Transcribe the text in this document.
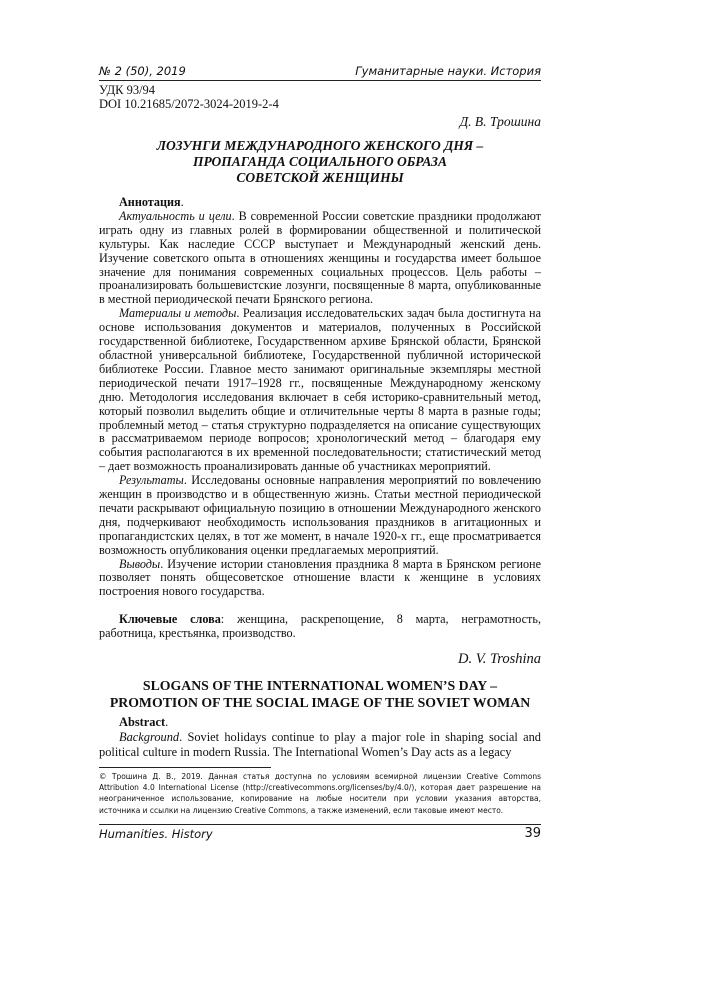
№ 2 (50), 2019	Гуманитарные науки. История
УДК 93/94
DOI 10.21685/2072-3024-2019-2-4
Д. В. Трошина
ЛОЗУНГИ МЕЖДУНАРОДНОГО ЖЕНСКОГО ДНЯ –
ПРОПАГАНДА СОЦИАЛЬНОГО ОБРАЗА
СОВЕТСКОЙ ЖЕНЩИНЫ

Аннотация.

Актуальность и цели. В современной России советские праздники продолжают играть одну из главных ролей в формировании общественной и политической культуры. Как наследие СССР выступает и Международный женский день. Изучение советского опыта в отношениях женщины и государства имеет большое значение для понимания современных социальных процессов. Цель работы – проанализировать большевистские лозунги, посвященные 8 марта, опубликованные в местной периодической печати Брянского региона.

Материалы и методы. Реализация исследовательских задач была достигнута на основе использования документов и материалов, полученных в Российской государственной библиотеке, Государственном архиве Брянской области, Брянской областной универсальной библиотеке, Государственной публичной исторической библиотеке России. Главное место занимают оригинальные экземпляры местной периодической печати 1917–1928 гг., посвященные Международному женскому дню. Методология исследования включает в себя историко-сравнительный метод, который позволил выделить общие и отличительные черты 8 марта в разные годы; проблемный метод – статья структурно подразделяется на описание существующих в рассматриваемом периоде вопросов; хронологический метод – благодаря ему события располагаются в их временной последовательности; статистический метод – дает возможность проанализировать данные об участниках мероприятий.

Результаты. Исследованы основные направления мероприятий по вовлечению женщин в производство и в общественную жизнь. Статьи местной периодической печати раскрывают официальную позицию в отношении Международного женского дня, подчеркивают необходимость использования праздников в агитационных и пропагандистских целях, в тот же момент, в начале 1920-х гг., еще просматривается возможность опубликования оценки предлагаемых мероприятий.

Выводы. Изучение истории становления праздника 8 марта в Брянском регионе позволяет понять общесоветское отношение власти к женщине в условиях построения нового государства.

Ключевые слова: женщина, раскрепощение, 8 марта, неграмотность, работница, крестьянка, производство.

D. V. Troshina
SLOGANS OF THE INTERNATIONAL WOMEN’S DAY –
PROMOTION OF THE SOCIAL IMAGE OF THE SOVIET WOMAN

Abstract.

Background. Soviet holidays continue to play a major role in shaping social and political culture in modern Russia. The International Women’s Day acts as a legacy

© Трошина Д. В., 2019. Данная статья доступна по условиям всемирной лицензии Creative Commons Attribution 4.0 International License (http://creativecommons.org/licenses/by/4.0/), которая дает разрешение на неограниченное использование, копирование на любые носители при условии указания авторства, источника и ссылки на лицензию Creative Commons, а также изменений, если таковые имеют место.
Humanities. History	39
